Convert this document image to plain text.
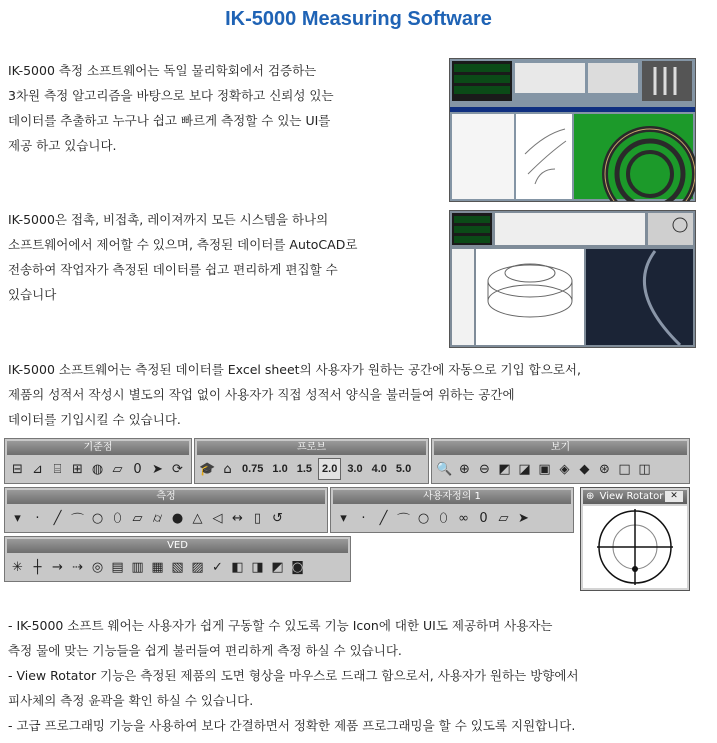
IK-5000 Measuring Software
IK-5000 측정 소프트웨어는 독일 물리학회에서 검증하는
3차원 측정 알고리즘을 바탕으로 보다 정확하고 신뢰성 있는
데이터를 추출하고 누구나 쉽고 빠르게 측정할 수 있는 UI를
제공 하고 있습니다.
IK-5000은 접촉, 비접촉, 레이져까지 모든 시스템을 하나의
소프트웨어에서 제어할 수 있으며, 측정된 데이터를 AutoCAD로
전송하여 작업자가 측정된 데이터를 쉽고 편리하게 편집할 수
있습니다
IK-5000 소프트웨어는 측정된 데이터를 Excel sheet의 사용자가 원하는 공간에 자동으로 기입 합으로서,
제품의 성적서 작성시 별도의 작업 없이 사용자가 직접 성적서 양식을 불러들여 위하는 공간에
데이터를 기입시킬 수 있습니다.
기준점
⊟ ⊿ ⌸ ⊞ ◍ ▱ 0 ➤ ⟳
프로브
🎓 ⌂ 0.75 1.0 1.5 2.0 3.0 4.0 5.0
보기
🔍 ⊕ ⊖ ◩ ◪ ▣ ◈ ◆ ⊛ □ ◫
측정
▾	·	╱ ⌒ ○ ⬯ ▱ ⌭ ● △ ◁ ↔ ▯ ↺
사용자정의 1
▾	·	╱ ⌒ ○ ⬯ ∞ 0 ▱ ➤
VED
✳ ┼ → ⇢ ◎ ▤ ▥ ▦ ▧ ▨ ✓ ◧ ◨ ◩ ◙
⊕ View Rotator ✕
- IK-5000 소프트 웨어는 사용자가 쉽게 구동할 수 있도록 기능 Icon에 대한 UI도 제공하며 사용자는
측정 물에 맞는 기능들을 쉽게 불러들여 편리하게 측정 하실 수 있습니다.
- View Rotator 기능은 측정된 제품의 도면 형상을 마우스로 드래그 함으로서, 사용자가 원하는 방향에서
피사체의 측정 윤곽을 확인 하실 수 있습니다.
- 고급 프로그래밍 기능을 사용하여 보다 간결하면서 정확한 제품 프로그래밍을 할 수 있도록 지원합니다.
